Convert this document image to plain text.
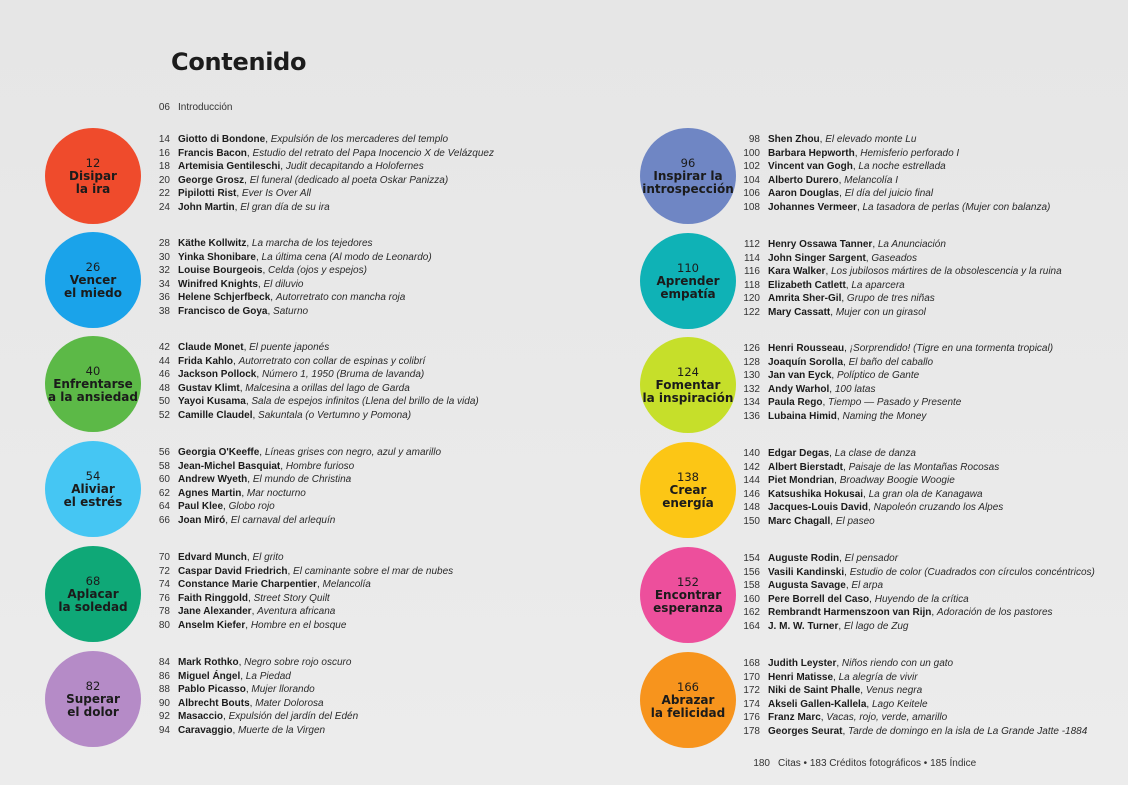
Contenido
06 Introducción
12
Disipar
la ira
14 Giotto di Bondone, Expulsión de los mercaderes del templo
16 Francis Bacon, Estudio del retrato del Papa Inocencio X de Velázquez
18 Artemisia Gentileschi, Judit decapitando a Holofernes
20 George Grosz, El funeral (dedicado al poeta Oskar Panizza)
22 Pipilotti Rist, Ever Is Over All
24 John Martin, El gran día de su ira
26
Vencer
el miedo
28 Käthe Kollwitz, La marcha de los tejedores
30 Yinka Shonibare, La última cena (Al modo de Leonardo)
32 Louise Bourgeois, Celda (ojos y espejos)
34 Winifred Knights, El diluvio
36 Helene Schjerfbeck, Autorretrato con mancha roja
38 Francisco de Goya, Saturno
40
Enfrentarse
a la ansiedad
42 Claude Monet, El puente japonés
44 Frida Kahlo, Autorretrato con collar de espinas y colibrí
46 Jackson Pollock, Número 1, 1950 (Bruma de lavanda)
48 Gustav Klimt, Malcesina a orillas del lago de Garda
50 Yayoi Kusama, Sala de espejos infinitos (Llena del brillo de la vida)
52 Camille Claudel, Sakuntala (o Vertumno y Pomona)
54
Aliviar
el estrés
56 Georgia O'Keeffe, Líneas grises con negro, azul y amarillo
58 Jean-Michel Basquiat, Hombre furioso
60 Andrew Wyeth, El mundo de Christina
62 Agnes Martin, Mar nocturno
64 Paul Klee, Globo rojo
66 Joan Miró, El carnaval del arlequín
68
Aplacar
la soledad
70 Edvard Munch, El grito
72 Caspar David Friedrich, El caminante sobre el mar de nubes
74 Constance Marie Charpentier, Melancolía
76 Faith Ringgold, Street Story Quilt
78 Jane Alexander, Aventura africana
80 Anselm Kiefer, Hombre en el bosque
82
Superar
el dolor
84 Mark Rothko, Negro sobre rojo oscuro
86 Miguel Ángel, La Piedad
88 Pablo Picasso, Mujer llorando
90 Albrecht Bouts, Mater Dolorosa
92 Masaccio, Expulsión del jardín del Edén
94 Caravaggio, Muerte de la Virgen
96
Inspirar la
introspección
98 Shen Zhou, El elevado monte Lu
100 Barbara Hepworth, Hemisferio perforado I
102 Vincent van Gogh, La noche estrellada
104 Alberto Durero, Melancolía I
106 Aaron Douglas, El día del juicio final
108 Johannes Vermeer, La tasadora de perlas (Mujer con balanza)
110
Aprender
empatía
112 Henry Ossawa Tanner, La Anunciación
114 John Singer Sargent, Gaseados
116 Kara Walker, Los jubilosos mártires de la obsolescencia y la ruina
118 Elizabeth Catlett, La aparcera
120 Amrita Sher-Gil, Grupo de tres niñas
122 Mary Cassatt, Mujer con un girasol
124
Fomentar
la inspiración
126 Henri Rousseau, ¡Sorprendido! (Tigre en una tormenta tropical)
128 Joaquín Sorolla, El baño del caballo
130 Jan van Eyck, Políptico de Gante
132 Andy Warhol, 100 latas
134 Paula Rego, Tiempo — Pasado y Presente
136 Lubaina Himid, Naming the Money
138
Crear
energía
140 Edgar Degas, La clase de danza
142 Albert Bierstadt, Paisaje de las Montañas Rocosas
144 Piet Mondrian, Broadway Boogie Woogie
146 Katsushika Hokusai, La gran ola de Kanagawa
148 Jacques-Louis David, Napoleón cruzando los Alpes
150 Marc Chagall, El paseo
152
Encontrar
esperanza
154 Auguste Rodin, El pensador
156 Vasili Kandinski, Estudio de color (Cuadrados con círculos concéntricos)
158 Augusta Savage, El arpa
160 Pere Borrell del Caso, Huyendo de la crítica
162 Rembrandt Harmenszoon van Rijn, Adoración de los pastores
164 J. M. W. Turner, El lago de Zug
166
Abrazar
la felicidad
168 Judith Leyster, Niños riendo con un gato
170 Henri Matisse, La alegría de vivir
172 Niki de Saint Phalle, Venus negra
174 Akseli Gallen-Kallela, Lago Keitele
176 Franz Marc, Vacas, rojo, verde, amarillo
178 Georges Seurat, Tarde de domingo en la isla de La Grande Jatte -1884
180 Citas • 183 Créditos fotográficos • 185 Índice
